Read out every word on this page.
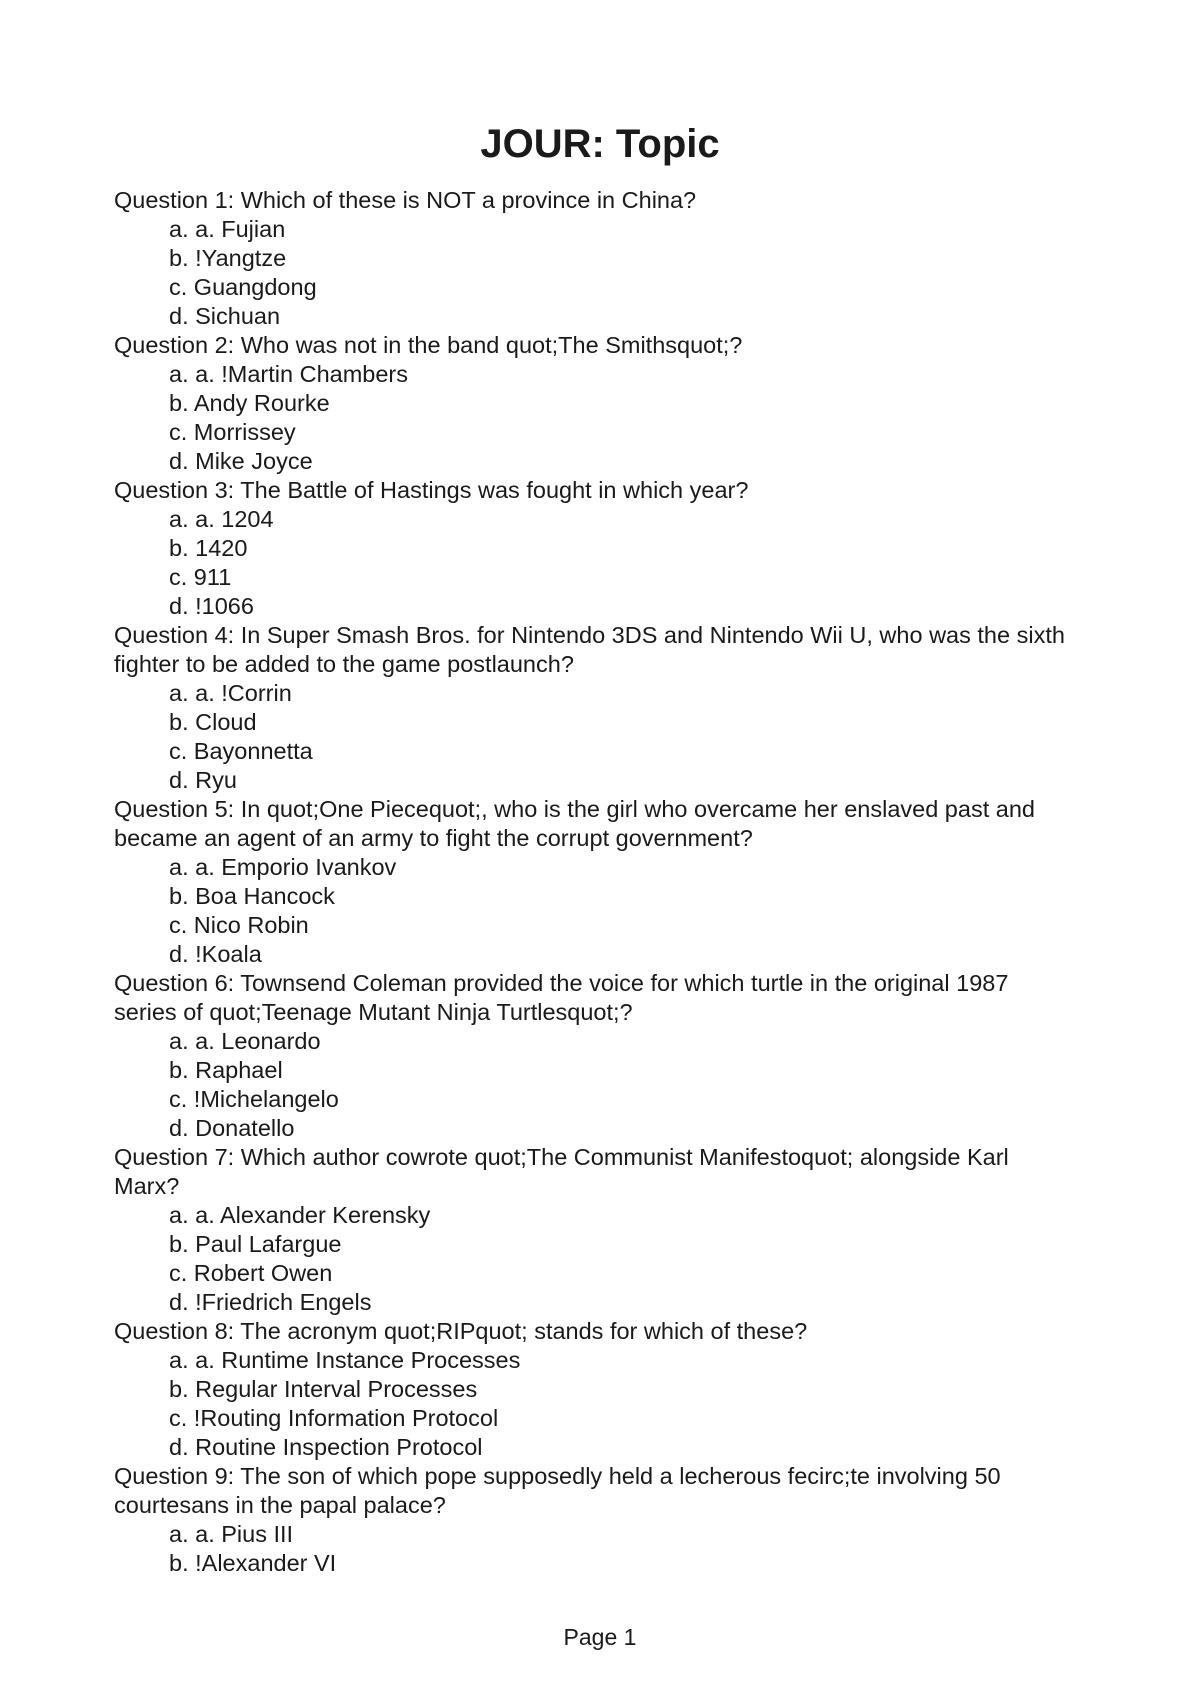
JOUR: Topic

Question 1: Which of these is NOT a province in China?

a. a. Fujian
b. !Yangtze
c. Guangdong
d. Sichuan

Question 2: Who was not in the band quot;The Smithsquot;?

a. a. !Martin Chambers
b. Andy Rourke
c. Morrissey
d. Mike Joyce

Question 3: The Battle of Hastings was fought in which year?

a. a. 1204
b. 1420
c. 911
d. !1066

Question 4: In Super Smash Bros. for Nintendo 3DS and Nintendo Wii U, who was the sixth fighter to be added to the game postlaunch?

a. a. !Corrin
b. Cloud
c. Bayonnetta
d. Ryu

Question 5: In quot;One Piecequot;, who is the girl who overcame her enslaved past and became an agent of an army to fight the corrupt government?

a. a. Emporio Ivankov
b. Boa Hancock
c. Nico Robin
d. !Koala

Question 6: Townsend Coleman provided the voice for which turtle in the original 1987 series of quot;Teenage Mutant Ninja Turtlesquot;?

a. a. Leonardo
b. Raphael
c. !Michelangelo
d. Donatello

Question 7: Which author cowrote quot;The Communist Manifestoquot; alongside Karl Marx?

a. a. Alexander Kerensky
b. Paul Lafargue
c. Robert Owen
d. !Friedrich Engels

Question 8: The acronym quot;RIPquot; stands for which of these?

a. a. Runtime Instance Processes
b. Regular Interval Processes
c. !Routing Information Protocol
d. Routine Inspection Protocol

Question 9: The son of which pope supposedly held a lecherous fecirc;te involving 50 courtesans in the papal palace?

a. a. Pius III
b. !Alexander VI
Page 1
